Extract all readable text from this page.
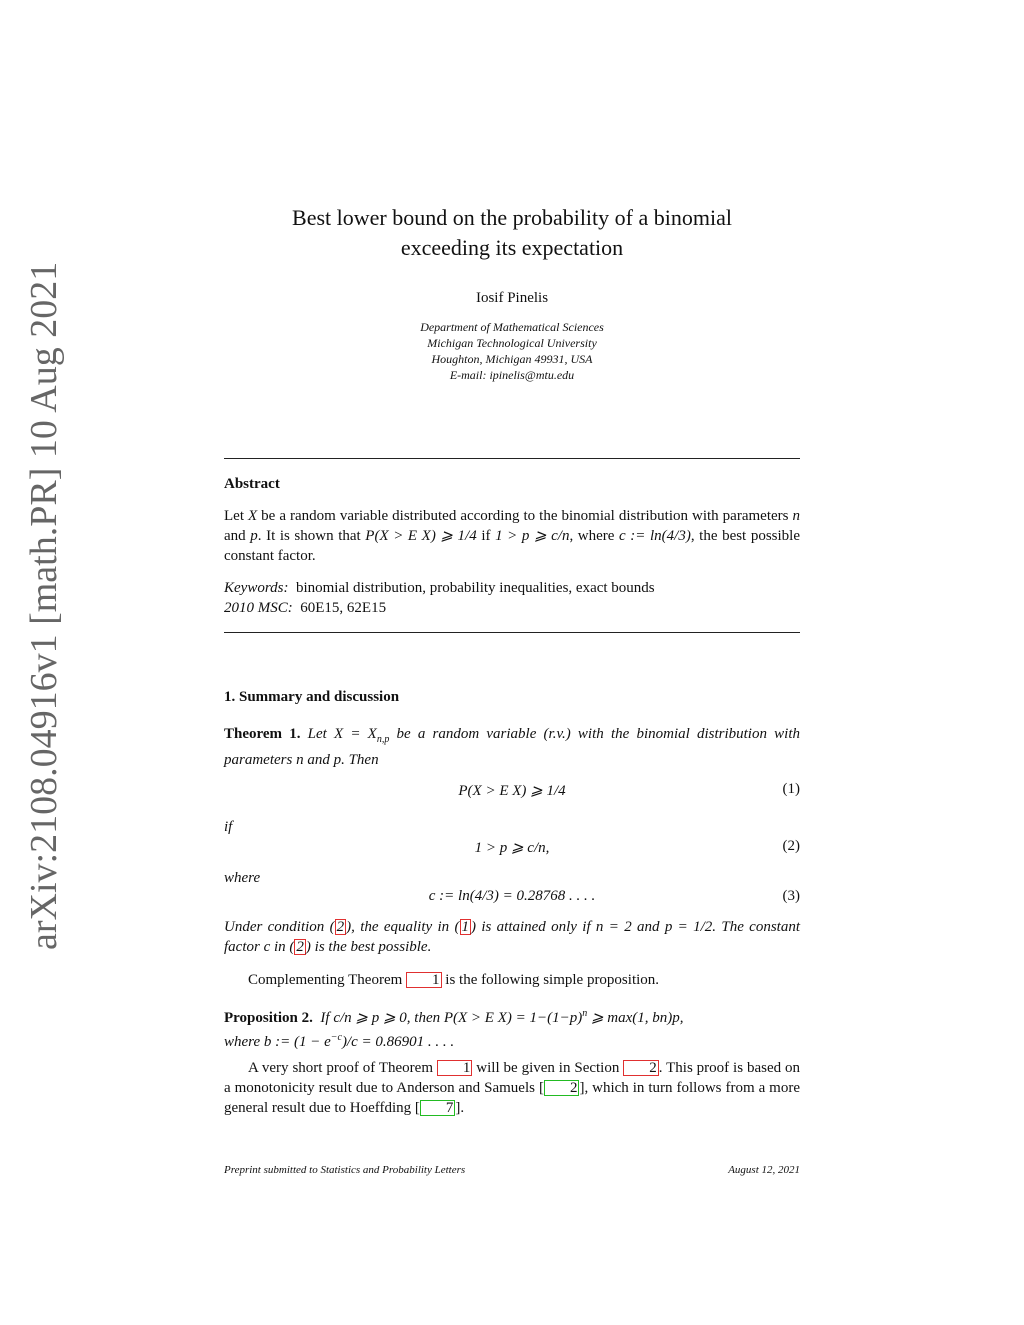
arXiv:2108.04916v1 [math.PR] 10 Aug 2021
Best lower bound on the probability of a binomial
exceeding its expectation
Iosif Pinelis
Department of Mathematical Sciences
Michigan Technological University
Houghton, Michigan 49931, USA
E-mail: ipinelis@mtu.edu
Abstract
Let X be a random variable distributed according to the binomial distribution with parameters n and p. It is shown that P(X > E X) ⩾ 1/4 if 1 > p ⩾ c/n, where c := ln(4/3), the best possible constant factor.
Keywords: binomial distribution, probability inequalities, exact bounds
2010 MSC: 60E15, 62E15
1. Summary and discussion
Theorem 1. Let $X = X_{n,p}$ be a random variable (r.v.) with the binomial distribution with parameters n and p. Then
P(X > E X) ⩾ 1/4	(1)
if
1 > p ⩾ c/n,	(2)
where
c := ln(4/3) = 0.28768 . . . .	(3)
Under condition ( 2 ), the equality in ( 1 ) is attained only if n = 2 and p = 1/2. The constant factor c in ( 2 ) is the best possible.
Complementing Theorem 1 is the following simple proposition.
Proposition 2. If c/n ⩾ p ⩾ 0, then P(X > E $X) = 1-(1-p)^n$ ⩾ max(1, bn)p,
where b := $(1 - e^{-c})/c = 0.86901$ . . . .
A very short proof of Theorem 1 will be given in Section 2 . This proof is based on a monotonicity result due to Anderson and Samuels [ 2 ], which in turn follows from a more general result due to Hoeffding [ 7 ].
Preprint submitted to Statistics and Probability Letters	August 12, 2021
